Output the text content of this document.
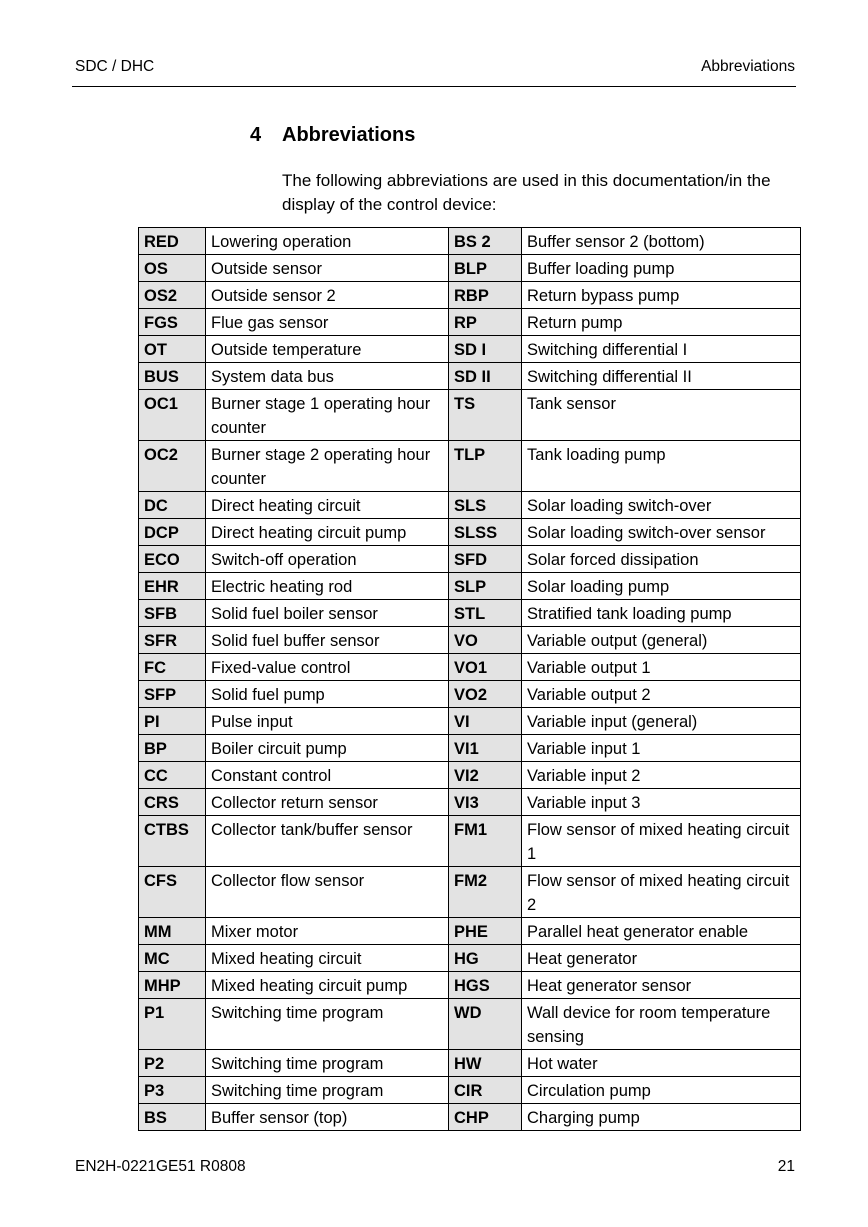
SDC / DHC	Abbreviations
4 Abbreviations
The following abbreviations are used in this documentation/in the display of the control device:
RED	Lowering operation	BS 2	Buffer sensor 2 (bottom)
OS	Outside sensor	BLP	Buffer loading pump
OS2	Outside sensor 2	RBP	Return bypass pump
FGS	Flue gas sensor	RP	Return pump
OT	Outside temperature	SD I	Switching differential I
BUS	System data bus	SD II	Switching differential II
OC1	Burner stage 1 operating hour counter	TS	Tank sensor
OC2	Burner stage 2 operating hour counter	TLP	Tank loading pump
DC	Direct heating circuit	SLS	Solar loading switch-over
DCP	Direct heating circuit pump	SLSS	Solar loading switch-over sensor
ECO	Switch-off operation	SFD	Solar forced dissipation
EHR	Electric heating rod	SLP	Solar loading pump
SFB	Solid fuel boiler sensor	STL	Stratified tank loading pump
SFR	Solid fuel buffer sensor	VO	Variable output (general)
FC	Fixed-value control	VO1	Variable output 1
SFP	Solid fuel pump	VO2	Variable output 2
PI	Pulse input	VI	Variable input (general)
BP	Boiler circuit pump	VI1	Variable input 1
CC	Constant control	VI2	Variable input 2
CRS	Collector return sensor	VI3	Variable input 3
CTBS	Collector tank/buffer sensor	FM1	Flow sensor of mixed heating circuit 1
CFS	Collector flow sensor	FM2	Flow sensor of mixed heating circuit 2
MM	Mixer motor	PHE	Parallel heat generator enable
MC	Mixed heating circuit	HG	Heat generator
MHP	Mixed heating circuit pump	HGS	Heat generator sensor
P1	Switching time program	WD	Wall device for room temperature sensing
P2	Switching time program	HW	Hot water
P3	Switching time program	CIR	Circulation pump
BS	Buffer sensor (top)	CHP	Charging pump
EN2H-0221GE51 R0808	21
